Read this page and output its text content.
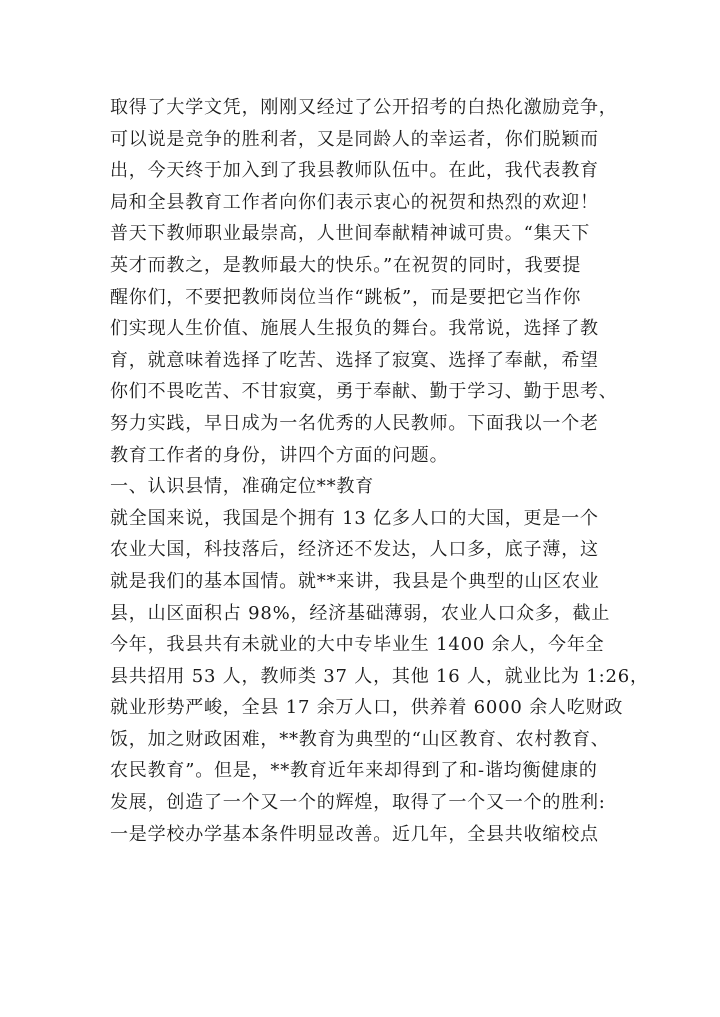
取得了大学文凭，刚刚又经过了公开招考的白热化激励竞争，
可以说是竞争的胜利者，又是同龄人的幸运者，你们脱颖而
出，今天终于加入到了我县教师队伍中。在此，我代表教育
局和全县教育工作者向你们表示衷心的祝贺和热烈的欢迎！
普天下教师职业最崇高，人世间奉献精神诚可贵。“集天下
英才而教之，是教师最大的快乐。”在祝贺的同时，我要提
醒你们，不要把教师岗位当作“跳板”，而是要把它当作你
们实现人生价值、施展人生报负的舞台。我常说，选择了教
育，就意味着选择了吃苦、选择了寂寞、选择了奉献，希望
你们不畏吃苦、不甘寂寞，勇于奉献、勤于学习、勤于思考、
努力实践，早日成为一名优秀的人民教师。下面我以一个老
教育工作者的身份，讲四个方面的问题。
一、认识县情，准确定位**教育
就全国来说，我国是个拥有 13 亿多人口的大国，更是一个
农业大国，科技落后，经济还不发达，人口多，底子薄，这
就是我们的基本国情。就**来讲，我县是个典型的山区农业
县，山区面积占 98%，经济基础薄弱，农业人口众多，截止
今年，我县共有未就业的大中专毕业生 1400 余人，今年全
县共招用 53 人，教师类 37 人，其他 16 人，就业比为 1:26，
就业形势严峻，全县 17 余万人口，供养着 6000 余人吃财政
饭，加之财政困难，**教育为典型的“山区教育、农村教育、
农民教育”。但是，**教育近年来却得到了和-谐均衡健康的
发展，创造了一个又一个的辉煌，取得了一个又一个的胜利:
一是学校办学基本条件明显改善。近几年，全县共收缩校点
